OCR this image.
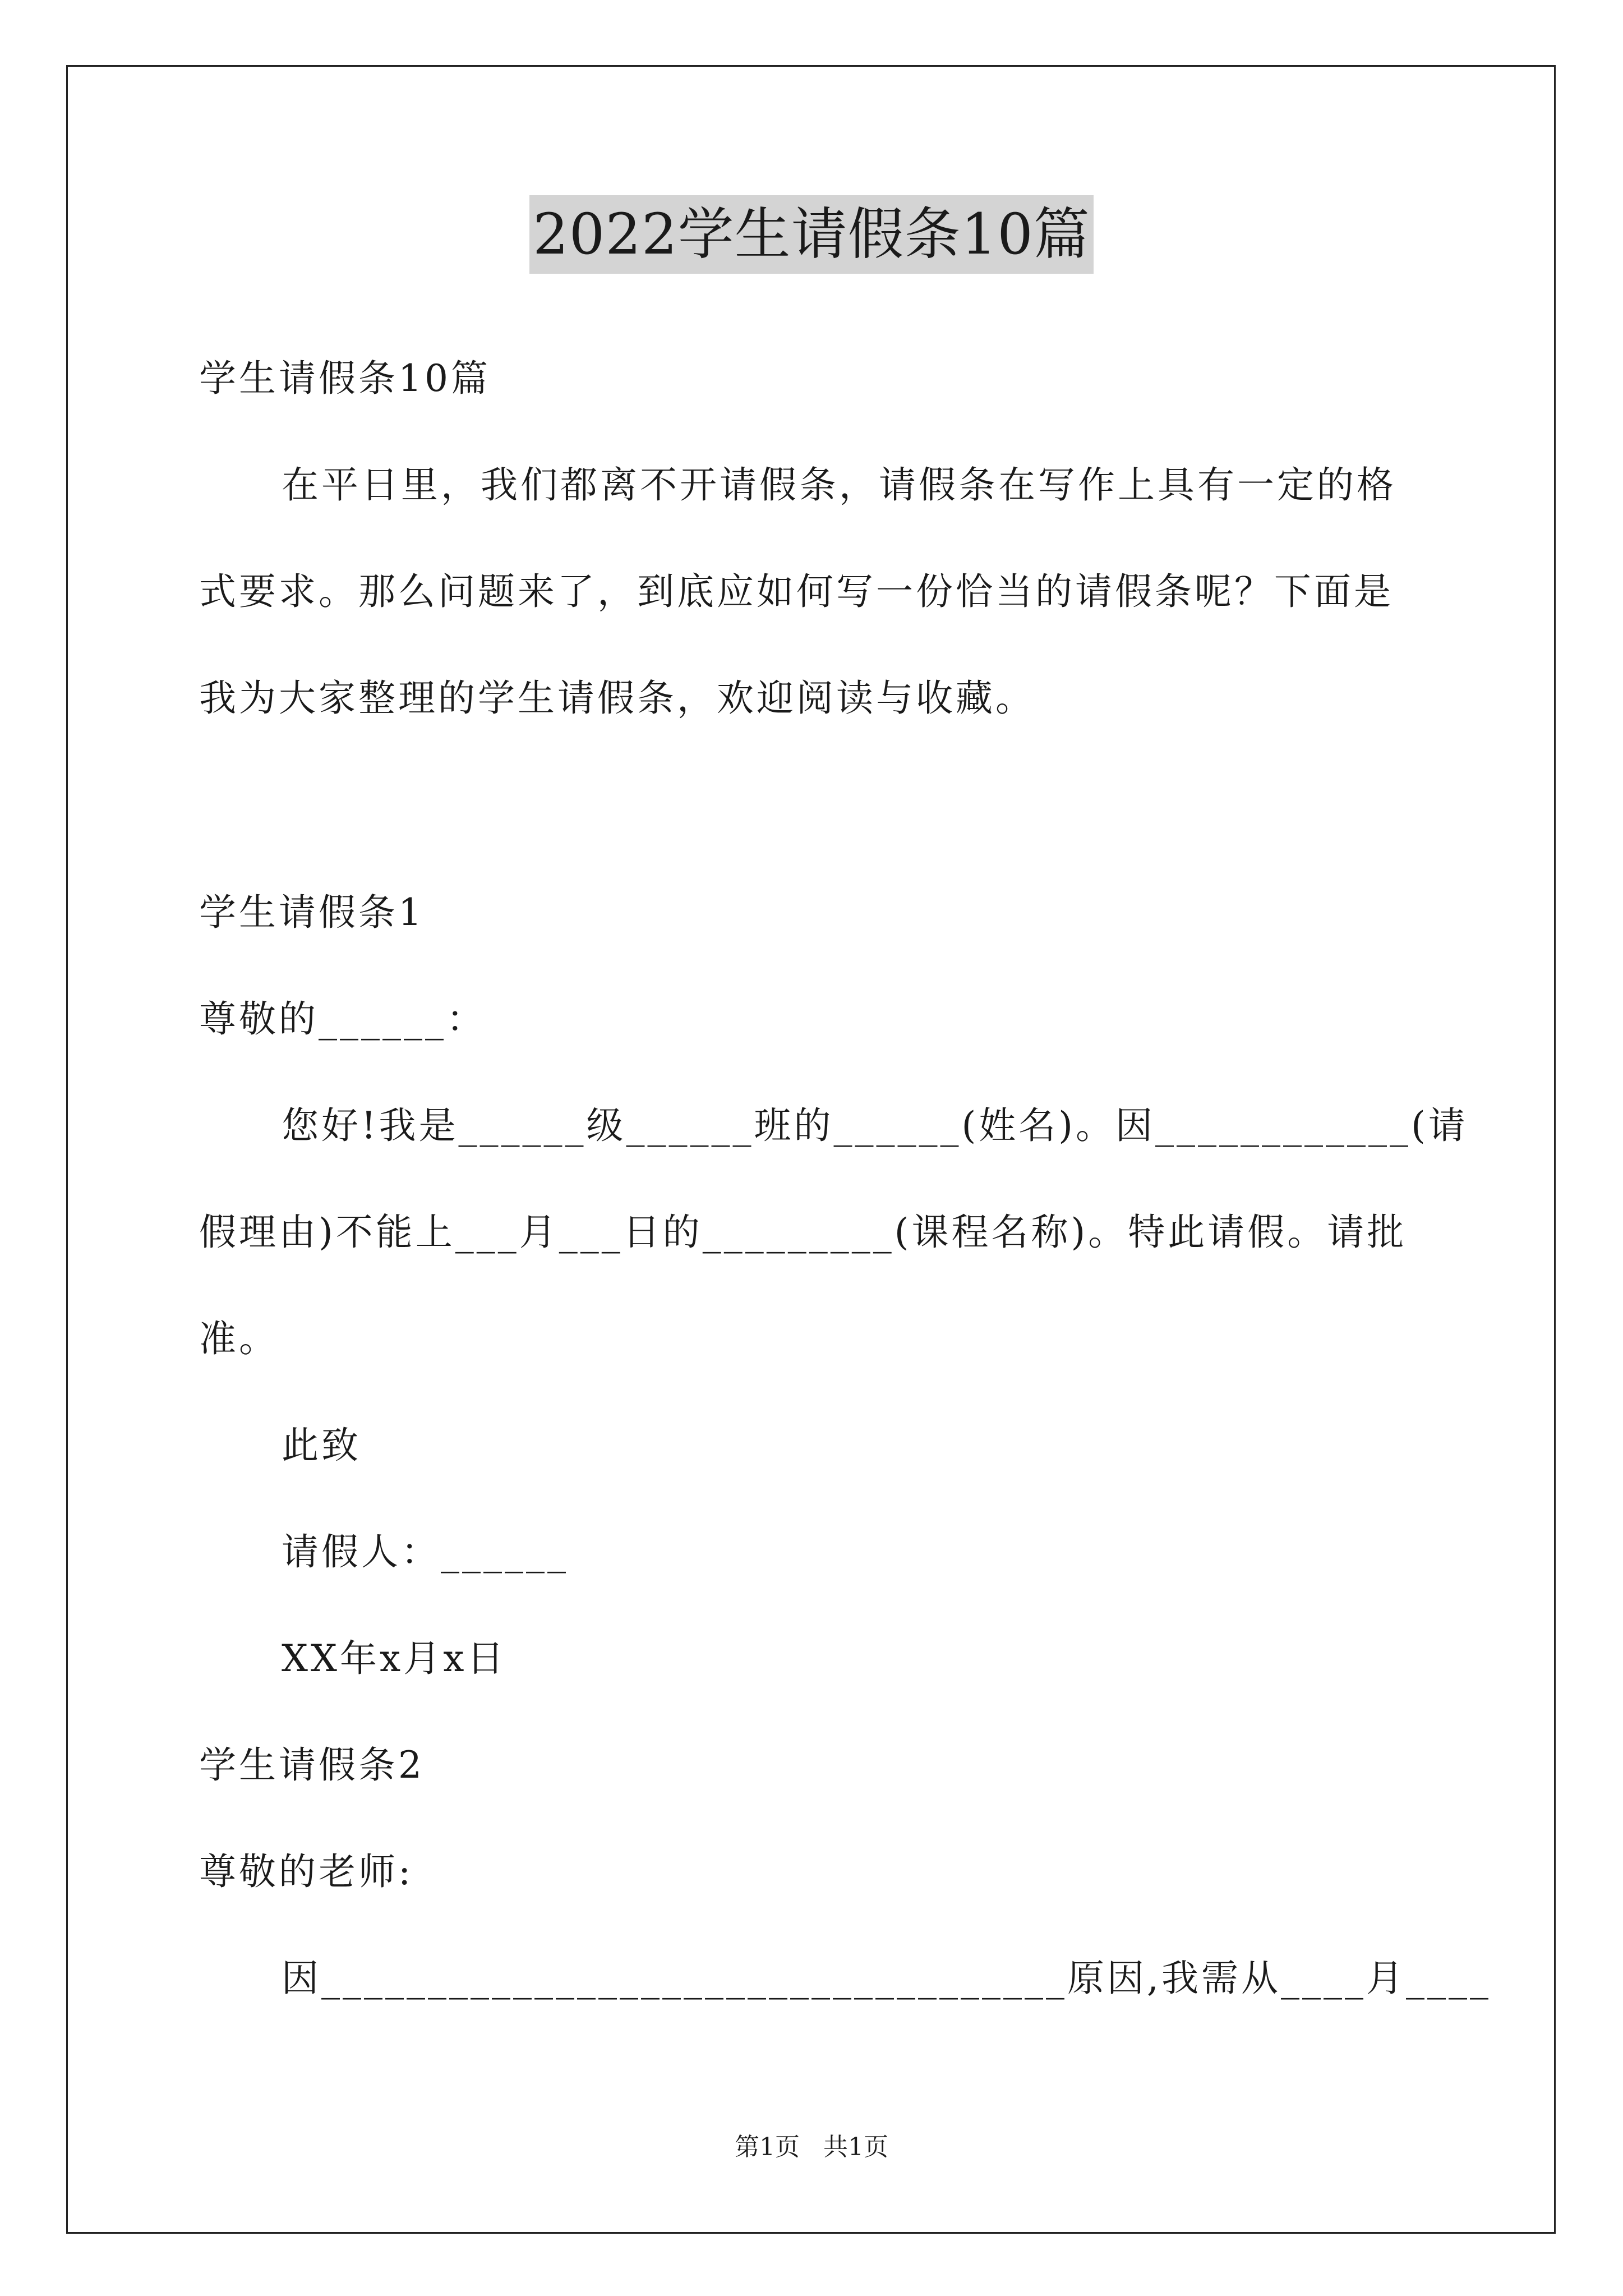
2022学生请假条10篇
学生请假条10篇
在平日里，我们都离不开请假条，请假条在写作上具有一定的格
式要求。那么问题来了，到底应如何写一份恰当的请假条呢？下面是
我为大家整理的学生请假条，欢迎阅读与收藏。
学生请假条1
尊敬的______：
您好!我是______级______班的______(姓名)。因____________(请
假理由)不能上___月___日的_________(课程名称)。特此请假。请批
准。
此致
请假人：______
XX年x月x日
学生请假条2
尊敬的老师:
因___________________________________原因,我需从____月____
第1页   共1页
